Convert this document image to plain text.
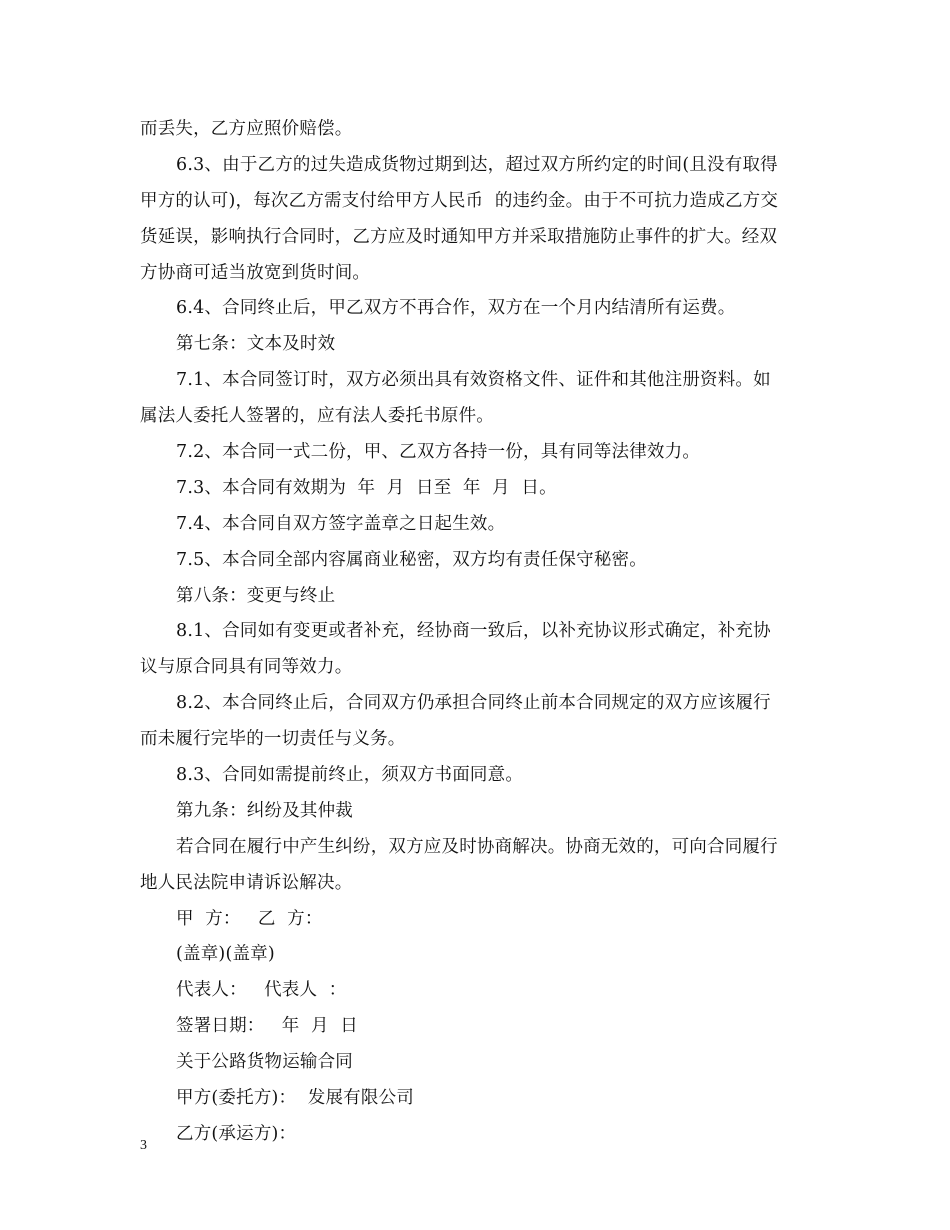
而丢失，乙方应照价赔偿。
6.3、由于乙方的过失造成货物过期到达，超过双方所约定的时间(且没有取得
甲方的认可)，每次乙方需支付给甲方人民币  的违约金。由于不可抗力造成乙方交
货延误，影响执行合同时，乙方应及时通知甲方并采取措施防止事件的扩大。经双
方协商可适当放宽到货时间。
6.4、合同终止后，甲乙双方不再合作，双方在一个月内结清所有运费。
第七条：文本及时效
7.1、本合同签订时，双方必须出具有效资格文件、证件和其他注册资料。如
属法人委托人签署的，应有法人委托书原件。
7.2、本合同一式二份，甲、乙双方各持一份，具有同等法律效力。
7.3、本合同有效期为  年  月  日至  年  月  日。
7.4、本合同自双方签字盖章之日起生效。
7.5、本合同全部内容属商业秘密，双方均有责任保守秘密。
第八条：变更与终止
8.1、合同如有变更或者补充，经协商一致后，以补充协议形式确定，补充协
议与原合同具有同等效力。
8.2、本合同终止后，合同双方仍承担合同终止前本合同规定的双方应该履行
而未履行完毕的一切责任与义务。
8.3、合同如需提前终止，须双方书面同意。
第九条：纠纷及其仲裁
若合同在履行中产生纠纷，双方应及时协商解决。协商无效的，可向合同履行
地人民法院申请诉讼解决。
甲  方：   乙  方：
(盖章)(盖章)
代表人：   代表人  ：
签署日期：   年  月  日
关于公路货物运输合同
甲方(委托方)：  发展有限公司
乙方(承运方)：
3
